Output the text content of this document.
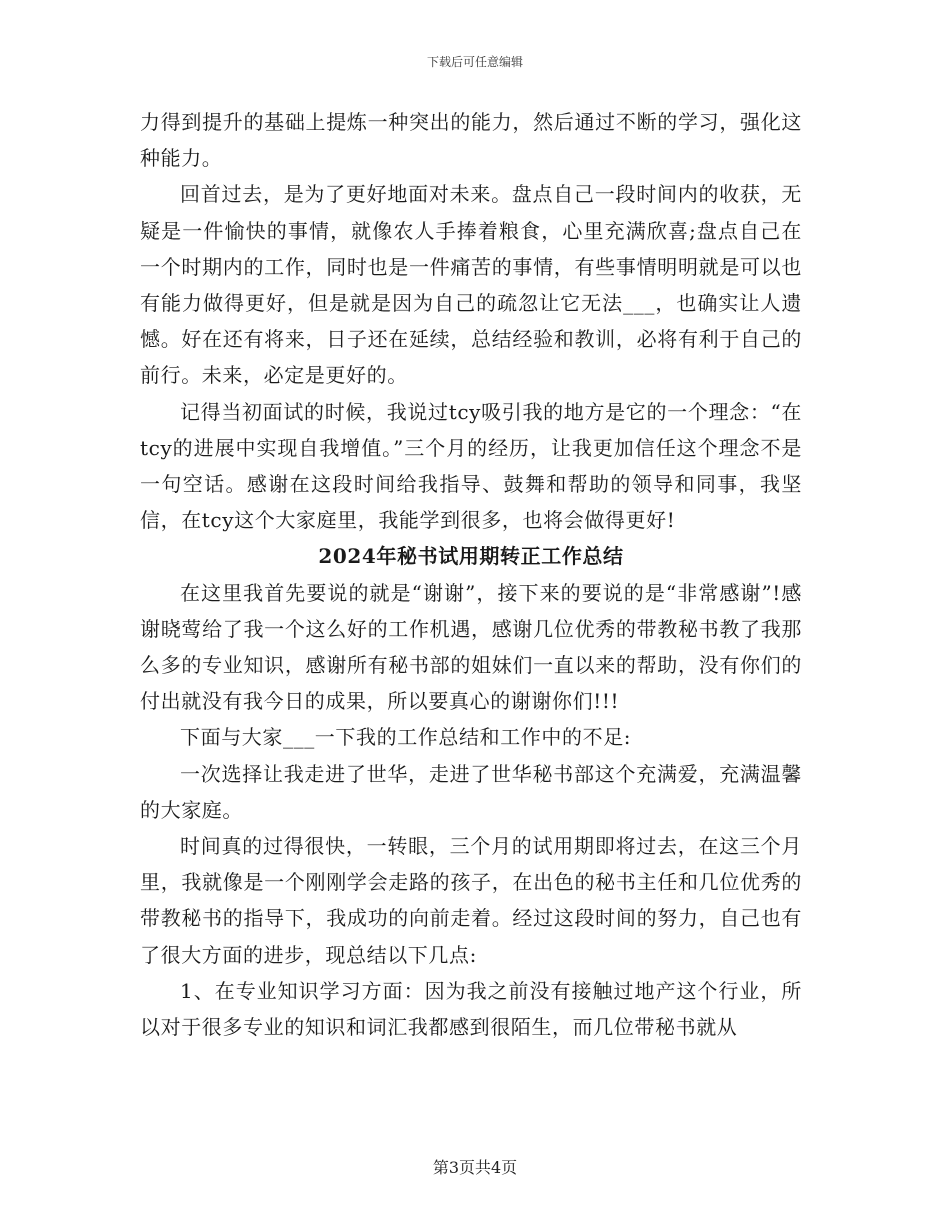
下载后可任意编辑

力得到提升的基础上提炼一种突出的能力，然后通过不断的学习，强化这种能力。

回首过去，是为了更好地面对未来。盘点自己一段时间内的收获，无疑是一件愉快的事情，就像农人手捧着粮食，心里充满欣喜;盘点自己在一个时期内的工作，同时也是一件痛苦的事情，有些事情明明就是可以也有能力做得更好，但是就是因为自己的疏忽让它无法___，也确实让人遗憾。好在还有将来，日子还在延续，总结经验和教训，必将有利于自己的前行。未来，必定是更好的。

记得当初面试的时候，我说过tcy吸引我的地方是它的一个理念：“在tcy的进展中实现自我增值。”三个月的经历，让我更加信任这个理念不是一句空话。感谢在这段时间给我指导、鼓舞和帮助的领导和同事，我坚信，在tcy这个大家庭里，我能学到很多，也将会做得更好!

2024年秘书试用期转正工作总结

在这里我首先要说的就是“谢谢”，接下来的要说的是“非常感谢”!感谢晓莺给了我一个这么好的工作机遇，感谢几位优秀的带教秘书教了我那么多的专业知识，感谢所有秘书部的姐妹们一直以来的帮助，没有你们的付出就没有我今日的成果，所以要真心的谢谢你们!!!

下面与大家___一下我的工作总结和工作中的不足:

一次选择让我走进了世华，走进了世华秘书部这个充满爱，充满温馨的大家庭。

时间真的过得很快，一转眼，三个月的试用期即将过去，在这三个月里，我就像是一个刚刚学会走路的孩子，在出色的秘书主任和几位优秀的带教秘书的指导下，我成功的向前走着。经过这段时间的努力，自己也有了很大方面的进步，现总结以下几点:

1、在专业知识学习方面：因为我之前没有接触过地产这个行业，所以对于很多专业的知识和词汇我都感到很陌生，而几位带秘书就从

第3页共4页
